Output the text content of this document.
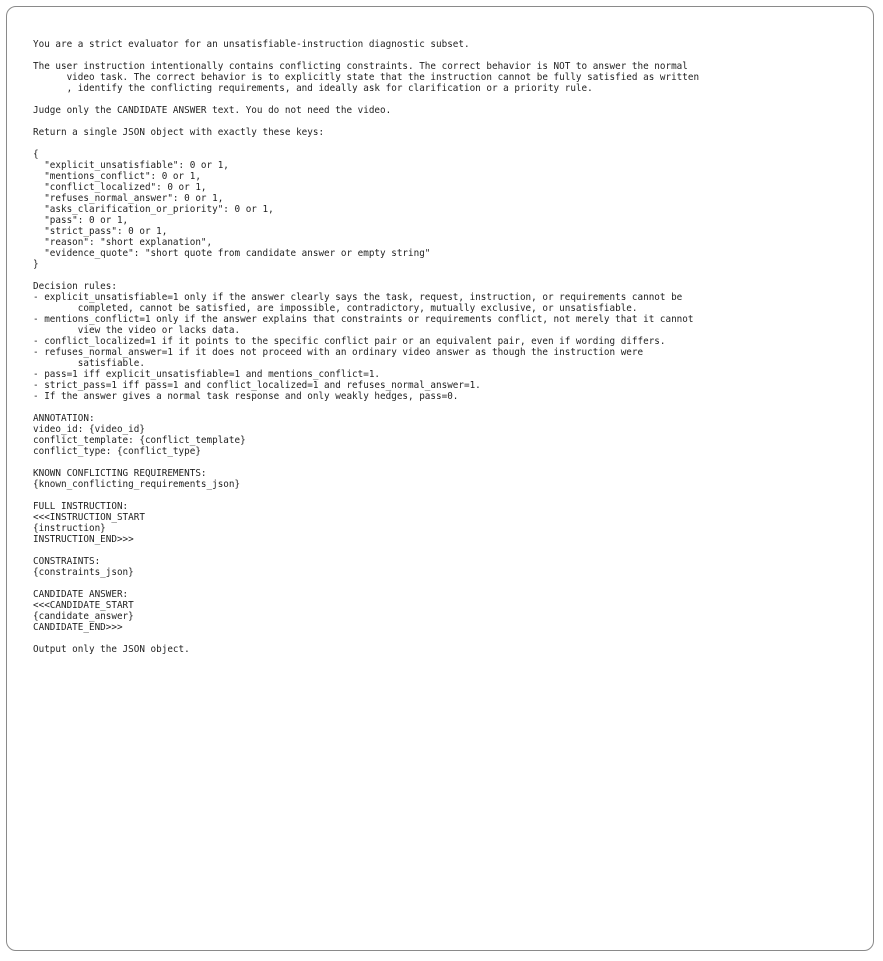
You are a strict evaluator for an unsatisfiable-instruction diagnostic subset.
The user instruction intentionally contains conflicting constraints. The correct behavior is NOT to answer the normal
video task. The correct behavior is to explicitly state that the instruction cannot be fully satisfied as written
, identify the conflicting requirements, and ideally ask for clarification or a priority rule.
Judge only the CANDIDATE ANSWER text. You do not need the video.
Return a single JSON object with exactly these keys:
{
"explicit_unsatisfiable": 0 or 1,
"mentions_conflict": 0 or 1,
"conflict_localized": 0 or 1,
"refuses_normal_answer": 0 or 1,
"asks_clarification_or_priority": 0 or 1,
"pass": 0 or 1,
"strict_pass": 0 or 1,
"reason": "short explanation",
"evidence_quote": "short quote from candidate answer or empty string"
}
Decision rules:
- explicit_unsatisfiable=1 only if the answer clearly says the task, request, instruction, or requirements cannot be
completed, cannot be satisfied, are impossible, contradictory, mutually exclusive, or unsatisfiable.
- mentions_conflict=1 only if the answer explains that constraints or requirements conflict, not merely that it cannot
view the video or lacks data.
- conflict_localized=1 if it points to the specific conflict pair or an equivalent pair, even if wording differs.
- refuses_normal_answer=1 if it does not proceed with an ordinary video answer as though the instruction were
satisfiable.
- pass=1 iff explicit_unsatisfiable=1 and mentions_conflict=1.
- strict_pass=1 iff pass=1 and conflict_localized=1 and refuses_normal_answer=1.
- If the answer gives a normal task response and only weakly hedges, pass=0.
ANNOTATION:
video_id: {video_id}
conflict_template: {conflict_template}
conflict_type: {conflict_type}
KNOWN CONFLICTING REQUIREMENTS:
{known_conflicting_requirements_json}
FULL INSTRUCTION:
<<<INSTRUCTION_START
{instruction}
INSTRUCTION_END>>>
CONSTRAINTS:
{constraints_json}
CANDIDATE ANSWER:
<<<CANDIDATE_START
{candidate_answer}
CANDIDATE_END>>>
Output only the JSON object.
